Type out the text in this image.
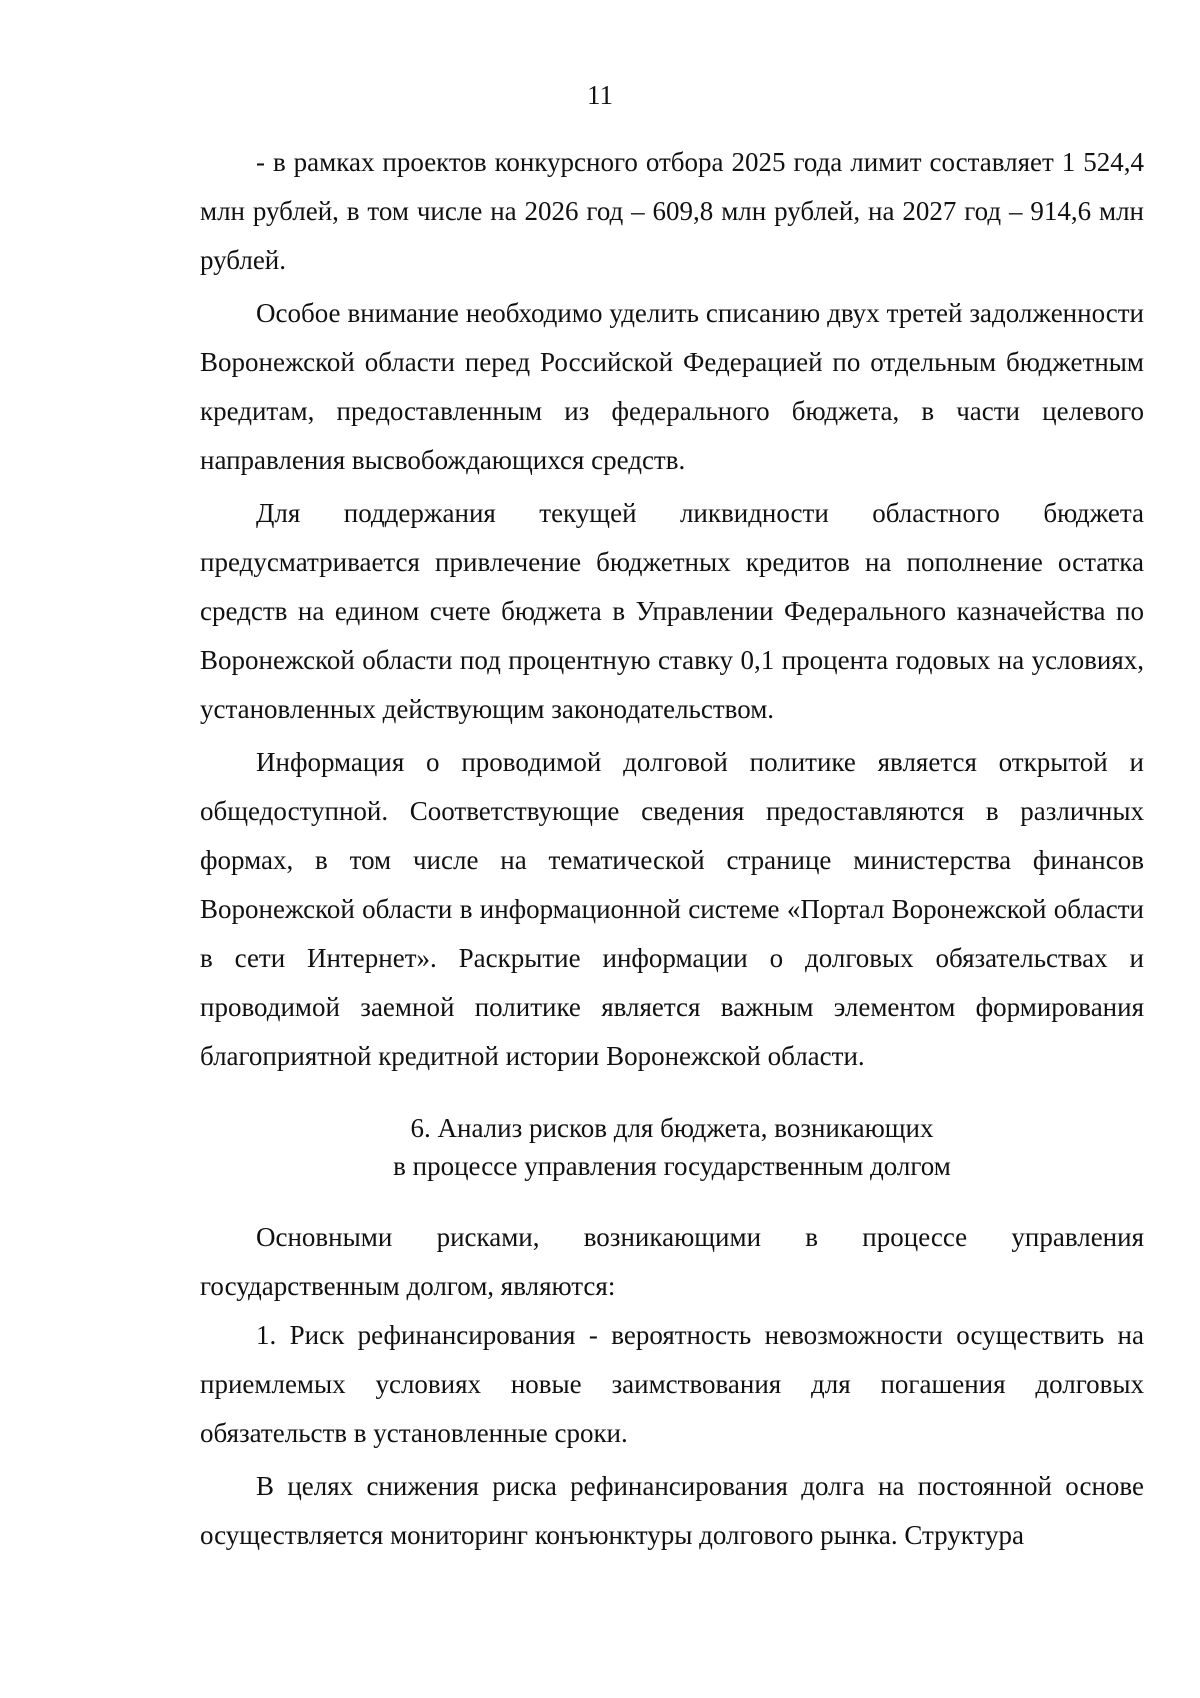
11

- в рамках проектов конкурсного отбора 2025 года лимит составляет 1 524,4 млн рублей, в том числе на 2026 год – 609,8 млн рублей, на 2027 год – 914,6 млн рублей.

Особое внимание необходимо уделить списанию двух третей задолженности Воронежской области перед Российской Федерацией по отдельным бюджетным кредитам, предоставленным из федерального бюджета, в части целевого направления высвобождающихся средств.

Для поддержания текущей ликвидности областного бюджета предусматривается привлечение бюджетных кредитов на пополнение остатка средств на едином счете бюджета в Управлении Федерального казначейства по Воронежской области под процентную ставку 0,1 процента годовых на условиях, установленных действующим законодательством.

Информация о проводимой долговой политике является открытой и общедоступной. Соответствующие сведения предоставляются в различных формах, в том числе на тематической странице министерства финансов Воронежской области в информационной системе «Портал Воронежской области в сети Интернет». Раскрытие информации о долговых обязательствах и проводимой заемной политике является важным элементом формирования благоприятной кредитной истории Воронежской области.

6. Анализ рисков для бюджета, возникающих
в процессе управления государственным долгом

Основными рисками, возникающими в процессе управления государственным долгом, являются:

1. Риск рефинансирования - вероятность невозможности осуществить на приемлемых условиях новые заимствования для погашения долговых обязательств в установленные сроки.

В целях снижения риска рефинансирования долга на постоянной основе осуществляется мониторинг конъюнктуры долгового рынка. Структура
